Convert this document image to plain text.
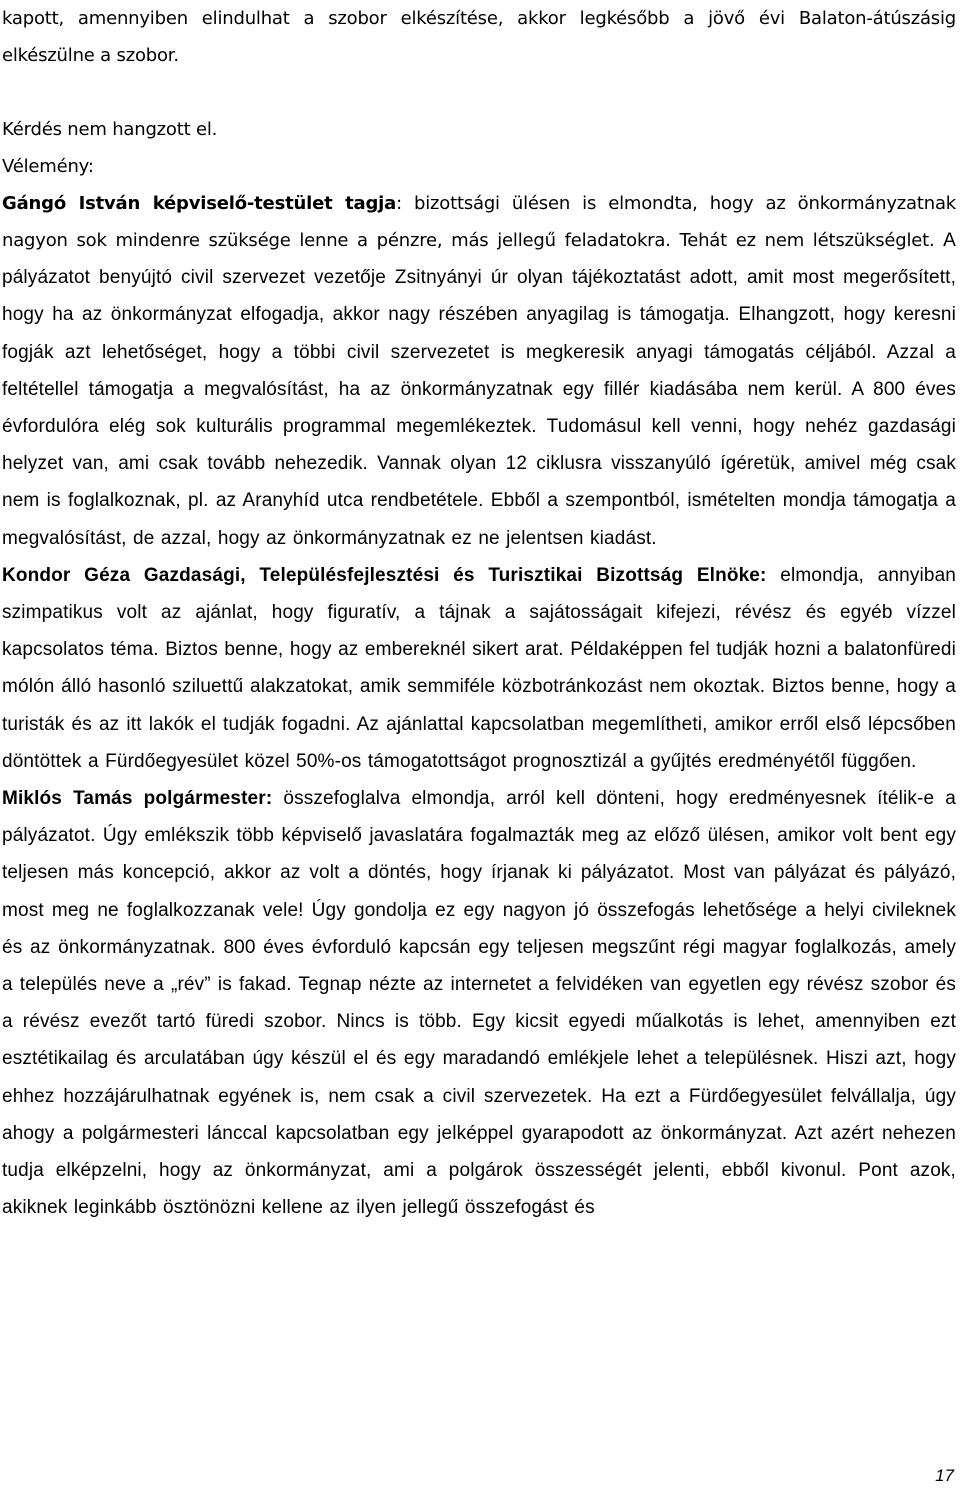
kapott, amennyiben elindulhat a szobor elkészítése, akkor legkésőbb a jövő évi Balaton-átúszásig elkészülne a szobor.

Kérdés nem hangzott el.

Vélemény:

Gángó István képviselő-testület tagja: bizottsági ülésen is elmondta, hogy az önkormányzatnak nagyon sok mindenre szüksége lenne a pénzre, más jellegű feladatokra. Tehát ez nem létszükséglet. A pályázatot benyújtó civil szervezet vezetője Zsitnyányi úr olyan tájékoztatást adott, amit most megerősített, hogy ha az önkormányzat elfogadja, akkor nagy részében anyagilag is támogatja. Elhangzott, hogy keresni fogják azt lehetőséget, hogy a többi civil szervezetet is megkeresik anyagi támogatás céljából. Azzal a feltétellel támogatja a megvalósítást, ha az önkormányzatnak egy fillér kiadásába nem kerül. A 800 éves évfordulóra elég sok kulturális programmal megemlékeztek. Tudomásul kell venni, hogy nehéz gazdasági helyzet van, ami csak tovább nehezedik. Vannak olyan 12 ciklusra visszanyúló ígéretük, amivel még csak nem is foglalkoznak, pl. az Aranyhíd utca rendbetétele. Ebből a szempontból, ismételten mondja támogatja a megvalósítást, de azzal, hogy az önkormányzatnak ez ne jelentsen kiadást.

Kondor Géza Gazdasági, Településfejlesztési és Turisztikai Bizottság Elnöke: elmondja, annyiban szimpatikus volt az ajánlat, hogy figuratív, a tájnak a sajátosságait kifejezi, révész és egyéb vízzel kapcsolatos téma. Biztos benne, hogy az embereknél sikert arat. Példaképpen fel tudják hozni a balatonfüredi mólón álló hasonló sziluettű alakzatokat, amik semmiféle közbotránkozást nem okoztak. Biztos benne, hogy a turisták és az itt lakók el tudják fogadni. Az ajánlattal kapcsolatban megemlítheti, amikor erről első lépcsőben döntöttek a Fürdőegyesület közel 50%-os támogatottságot prognosztizál a gyűjtés eredményétől függően.

Miklós Tamás polgármester: összefoglalva elmondja, arról kell dönteni, hogy eredményesnek ítélik-e a pályázatot. Úgy emlékszik több képviselő javaslatára fogalmazták meg az előző ülésen, amikor volt bent egy teljesen más koncepció, akkor az volt a döntés, hogy írjanak ki pályázatot. Most van pályázat és pályázó, most meg ne foglalkozzanak vele! Úgy gondolja ez egy nagyon jó összefogás lehetősége a helyi civileknek és az önkormányzatnak. 800 éves évforduló kapcsán egy teljesen megszűnt régi magyar foglalkozás, amely a település neve a „rév” is fakad. Tegnap nézte az internetet a felvidéken van egyetlen egy révész szobor és a révész evezőt tartó füredi szobor. Nincs is több. Egy kicsit egyedi műalkotás is lehet, amennyiben ezt esztétikailag és arculatában úgy készül el és egy maradandó emlékjele lehet a településnek. Hiszi azt, hogy ehhez hozzájárulhatnak egyének is, nem csak a civil szervezetek. Ha ezt a Fürdőegyesület felvállalja, úgy ahogy a polgármesteri lánccal kapcsolatban egy jelképpel gyarapodott az önkormányzat. Azt azért nehezen tudja elképzelni, hogy az önkormányzat, ami a polgárok összességét jelenti, ebből kivonul. Pont azok, akiknek leginkább ösztönözni kellene az ilyen jellegű összefogást és

17
